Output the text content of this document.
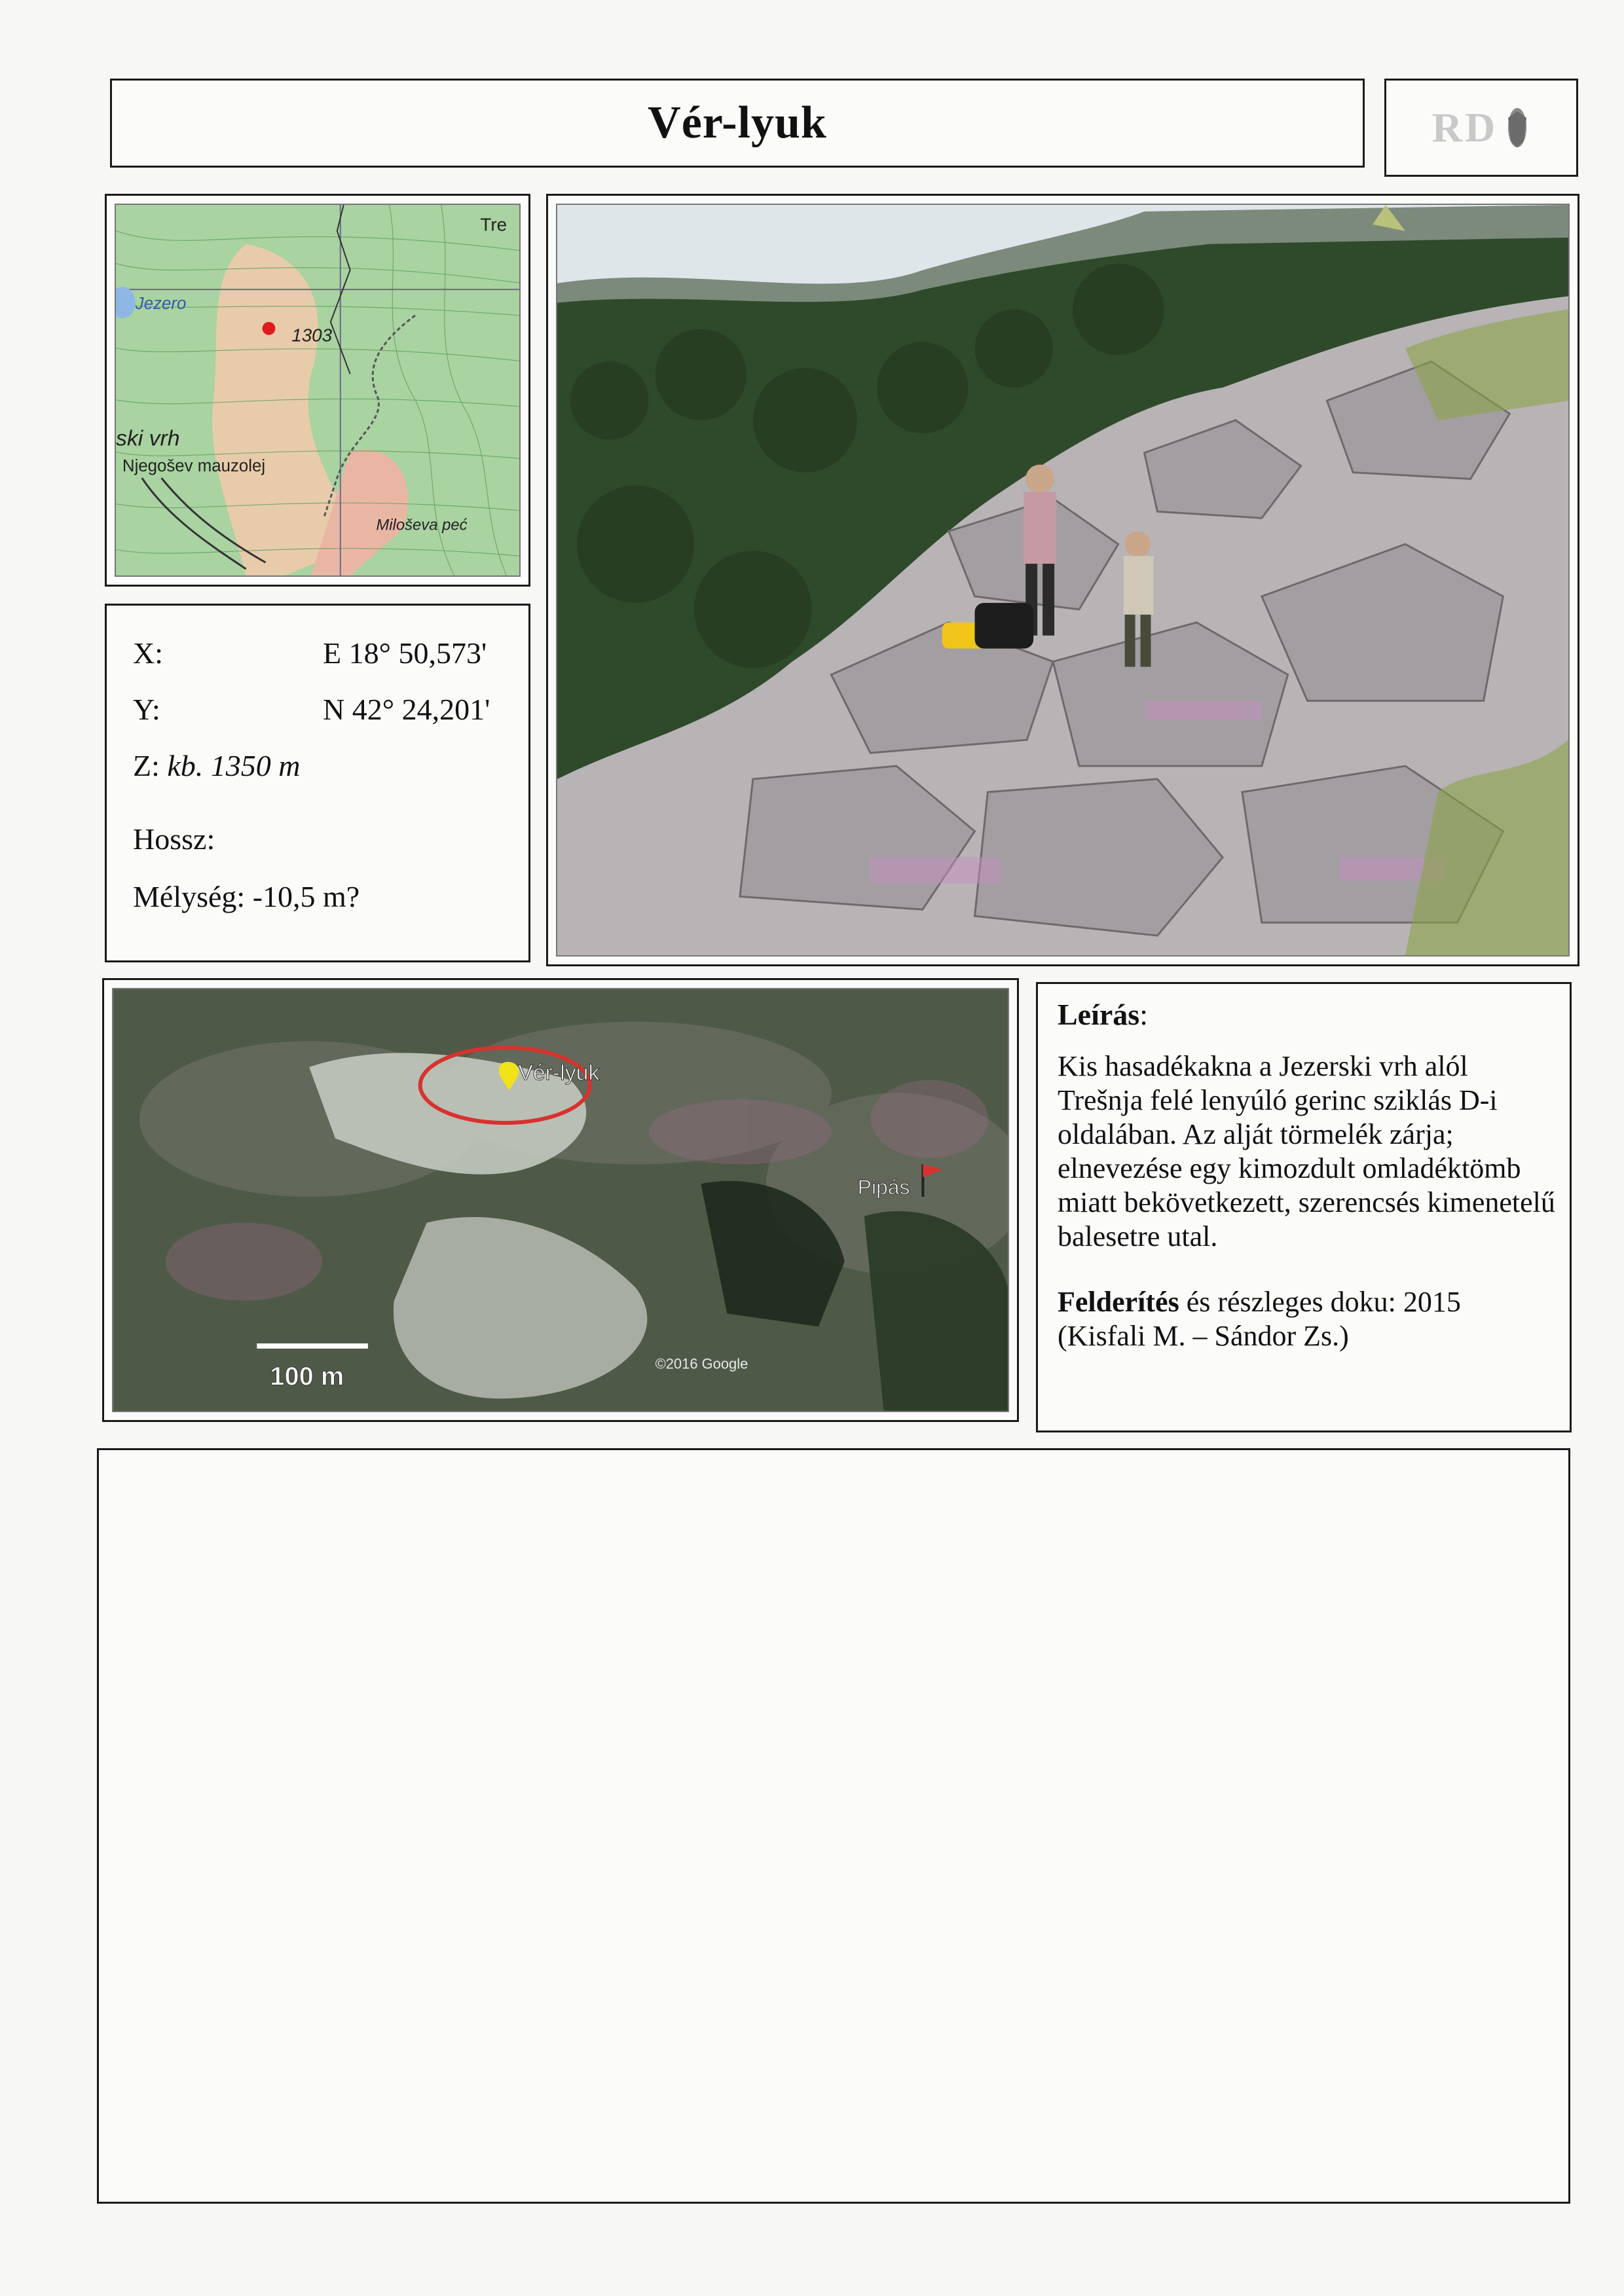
Vér-lyuk	RD
Jezero
Tre
1303
ski vrh
Njegošev mauzolej
Miloševa peć
X:	E 18° 50,573'
Y:	N 42° 24,201'
Z: kb. 1350 m
Hossz:
Mélység: -10,5 m?
Vér-lyuk
Pipás
100 m	©2016 Google
Leírás:
Kis hasadékakna a Jezerski vrh alól Trešnja felé lenyúló gerinc sziklás D-i oldalában. Az alját törmelék zárja; elnevezése egy kimozdult omladéktömb miatt bekövetkezett, szerencsés kimenetelű balesetre utal.
Felderítés és részleges doku: 2015 (Kisfali M. – Sándor Zs.)
